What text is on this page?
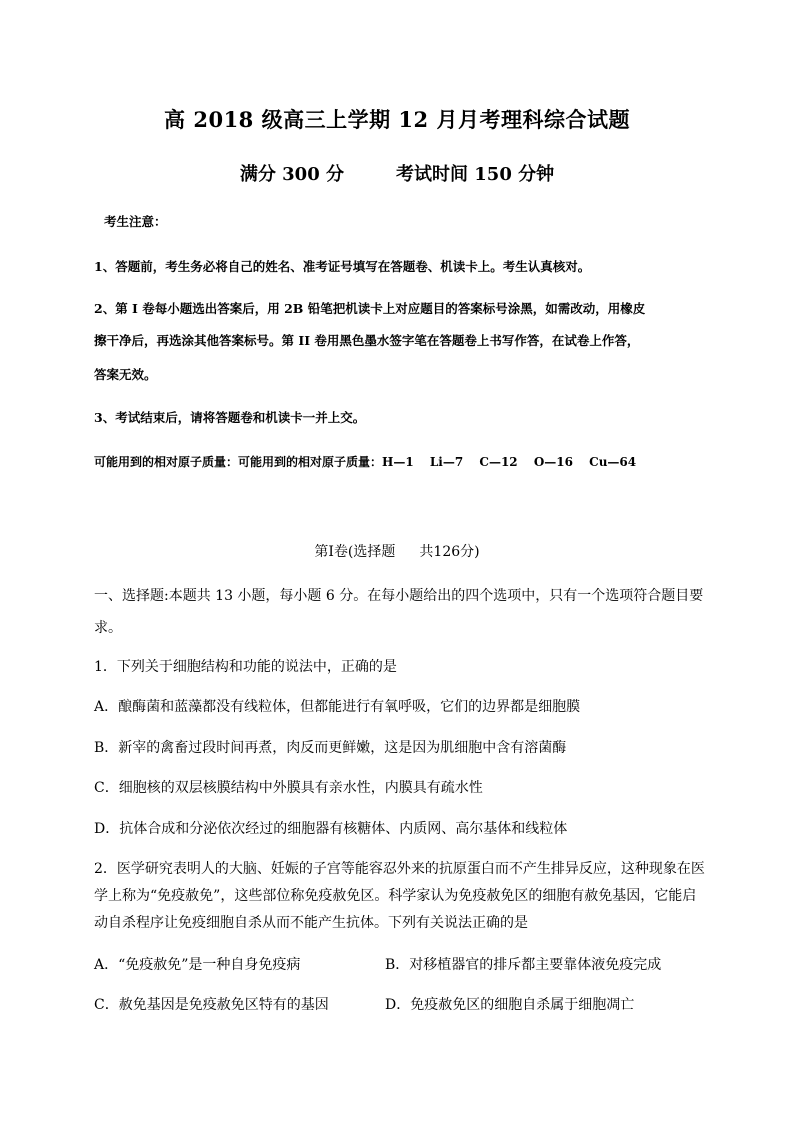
高 2018 级高三上学期 12 月月考理科综合试题
满分 300 分	考试时间 150 分钟
考生注意：
1、答题前，考生务必将自己的姓名、准考证号填写在答题卷、机读卡上。考生认真核对。
2、第 I 卷每小题选出答案后，用 2B 铅笔把机读卡上对应题目的答案标号涂黑，如需改动，用橡皮
擦干净后，再选涂其他答案标号。第 II 卷用黑色墨水签字笔在答题卷上书写作答，在试卷上作答，
答案无效。
3、考试结束后，请将答题卷和机读卡一并上交。
可能用到的相对原子质量：可能用到的相对原子质量：H—1　 Li—7　 C—12　 O—16　 Cu—64
第Ⅰ卷(选择题 共126分)
一、选择题:本题共 13 小题，每小题 6 分。在每小题给出的四个选项中，只有一个选项符合题目要
求。
1．下列关于细胞结构和功能的说法中，正确的是
A．酿酶菌和蓝藻都没有线粒体，但都能进行有氧呼吸，它们的边界都是细胞膜
B．新宰的禽畜过段时间再煮，肉反而更鲜嫩，这是因为肌细胞中含有溶菌酶
C．细胞核的双层核膜结构中外膜具有亲水性，内膜具有疏水性
D．抗体合成和分泌依次经过的细胞器有核糖体、内质网、高尔基体和线粒体
2．医学研究表明人的大脑、妊娠的子宫等能容忍外来的抗原蛋白而不产生排异反应，这种现象在医
学上称为“免疫赦免”，这些部位称免疫赦免区。科学家认为免疫赦免区的细胞有赦免基因，它能启
动自杀程序让免疫细胞自杀从而不能产生抗体。下列有关说法正确的是
A．“免疫赦免”是一种自身免疫病	B．对移植器官的排斥都主要靠体液免疫完成
C．赦免基因是免疫赦免区特有的基因	D．免疫赦免区的细胞自杀属于细胞凋亡
